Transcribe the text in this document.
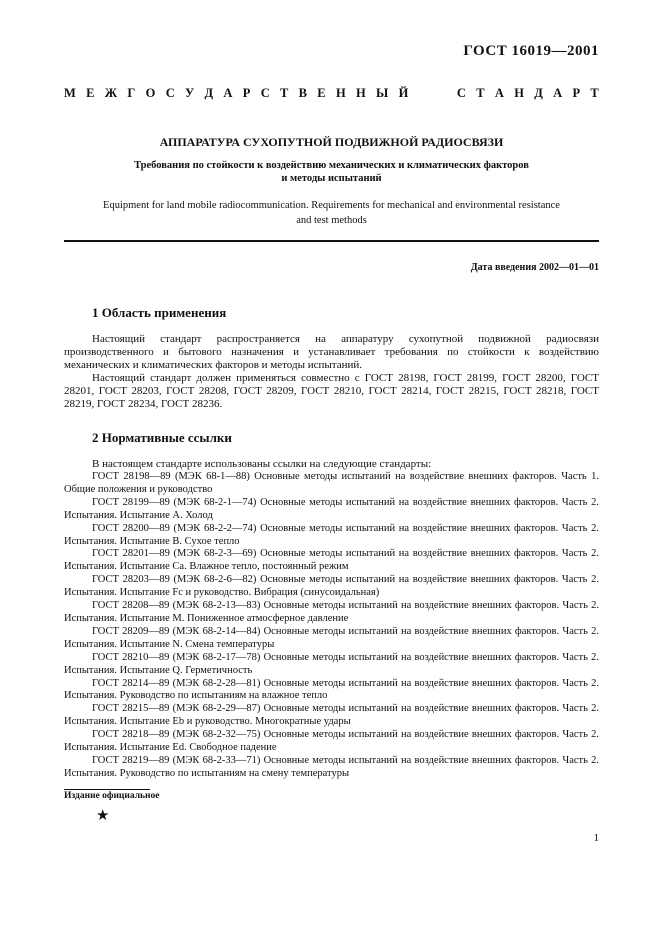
ГОСТ 16019—2001
М Е Ж Г О С У Д А Р С Т В Е Н Н Ы Й	С Т А Н Д А Р Т
АППАРАТУРА СУХОПУТНОЙ ПОДВИЖНОЙ РАДИОСВЯЗИ
Требования по стойкости к воздействию механических и климатических факторов
и методы испытаний
Equipment for land mobile radiocommunication. Requirements for mechanical and environmental resistance
and test methods
Дата введения 2002—01—01
1 Область применения

Настоящий стандарт распространяется на аппаратуру сухопутной подвижной радиосвязи производственного и бытового назначения и устанавливает требования по стойкости к воздействию механических и климатических факторов и методы испытаний.

Настоящий стандарт должен применяться совместно с ГОСТ 28198, ГОСТ 28199, ГОСТ 28200, ГОСТ 28201, ГОСТ 28203, ГОСТ 28208, ГОСТ 28209, ГОСТ 28210, ГОСТ 28214, ГОСТ 28215, ГОСТ 28218, ГОСТ 28219, ГОСТ 28234, ГОСТ 28236.

2 Нормативные ссылки

В настоящем стандарте использованы ссылки на следующие стандарты:

ГОСТ 28198—89 (МЭК 68-1—88) Основные методы испытаний на воздействие внешних факторов. Часть 1. Общие положения и руководство
ГОСТ 28199—89 (МЭК 68-2-1—74) Основные методы испытаний на воздействие внешних факторов. Часть 2. Испытания. Испытание А. Холод
ГОСТ 28200—89 (МЭК 68-2-2—74) Основные методы испытаний на воздействие внешних факторов. Часть 2. Испытания. Испытание В. Сухое тепло
ГОСТ 28201—89 (МЭК 68-2-3—69) Основные методы испытаний на воздействие внешних факторов. Часть 2. Испытания. Испытание Са. Влажное тепло, постоянный режим
ГОСТ 28203—89 (МЭК 68-2-6—82) Основные методы испытаний на воздействие внешних факторов. Часть 2. Испытания. Испытание Fc и руководство. Вибрация (синусоидальная)
ГОСТ 28208—89 (МЭК 68-2-13—83) Основные методы испытаний на воздействие внешних факторов. Часть 2. Испытания. Испытание М. Пониженное атмосферное давление
ГОСТ 28209—89 (МЭК 68-2-14—84) Основные методы испытаний на воздействие внешних факторов. Часть 2. Испытания. Испытание N. Смена температуры
ГОСТ 28210—89 (МЭК 68-2-17—78) Основные методы испытаний на воздействие внешних факторов. Часть 2. Испытания. Испытание Q. Герметичность
ГОСТ 28214—89 (МЭК 68-2-28—81) Основные методы испытаний на воздействие внешних факторов. Часть 2. Испытания. Руководство по испытаниям на влажное тепло
ГОСТ 28215—89 (МЭК 68-2-29—87) Основные методы испытаний на воздействие внешних факторов. Часть 2. Испытания. Испытание Eb и руководство. Многократные удары
ГОСТ 28218—89 (МЭК 68-2-32—75) Основные методы испытаний на воздействие внешних факторов. Часть 2. Испытания. Испытание Ed. Свободное падение
ГОСТ 28219—89 (МЭК 68-2-33—71) Основные методы испытаний на воздействие внешних факторов. Часть 2. Испытания. Руководство по испытаниям на смену температуры
Издание официальное
★
1
